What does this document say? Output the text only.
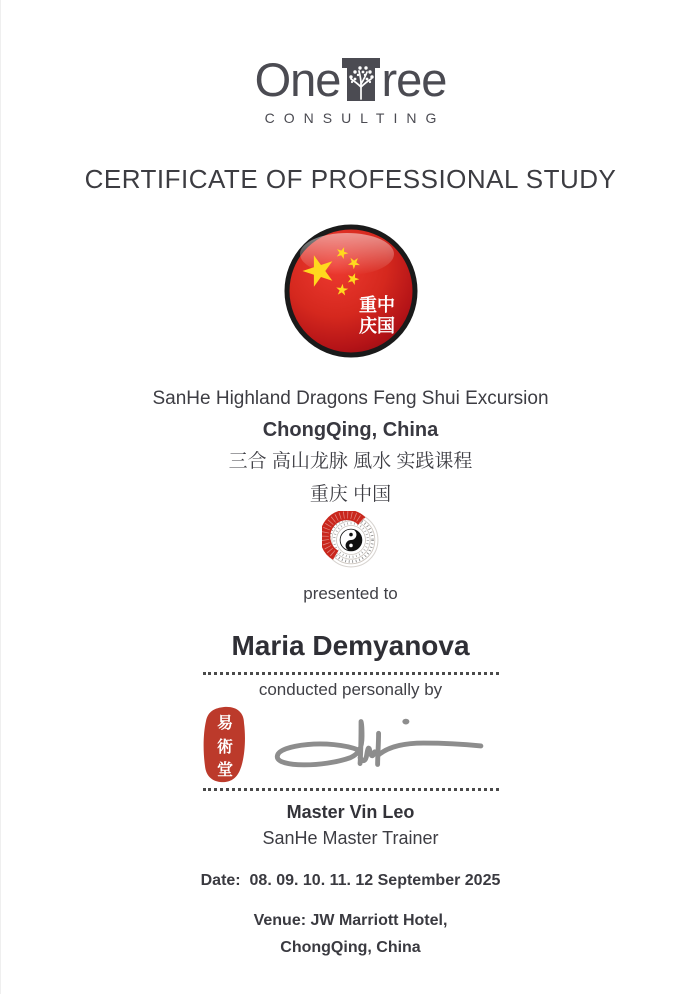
One ree
CONSULTING
CERTIFICATE OF PROFESSIONAL STUDY
重中
庆国
SanHe Highland Dragons Feng Shui Excursion
ChongQing, China
三合 高山龙脉 風水 实践课程
重庆 中国
presented to
Maria Demyanova
conducted personally by
易
術
堂
Master Vin Leo
SanHe Master Trainer
Date:  08. 09. 10. 11. 12 September 2025
Venue: JW Marriott Hotel,
ChongQing, China
